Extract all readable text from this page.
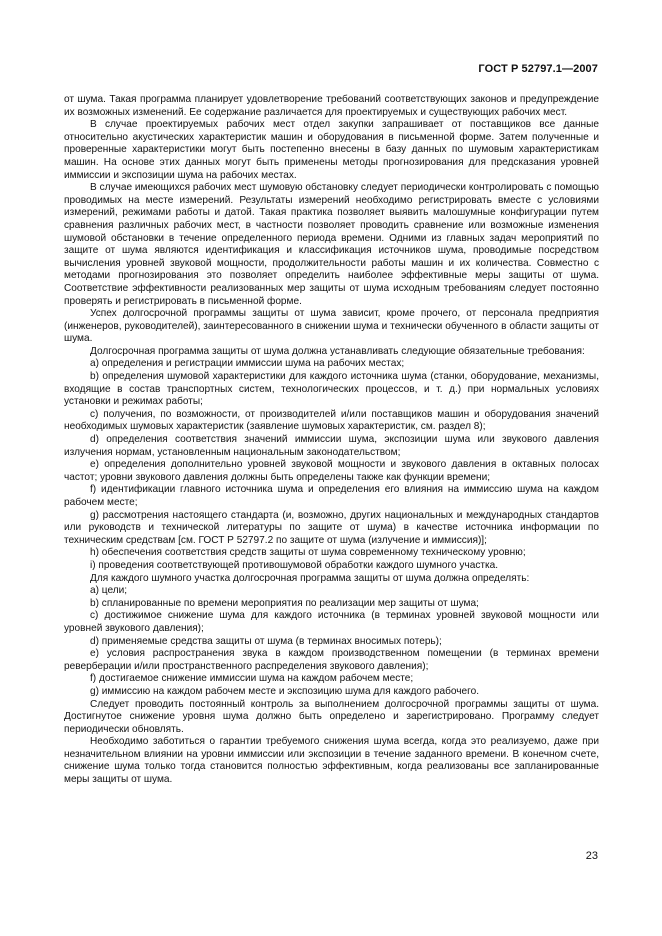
ГОСТ Р 52797.1—2007

от шума. Такая программа планирует удовлетворение требований соответствующих законов и предупреждение их возможных изменений. Ее содержание различается для проектируемых и существующих рабочих мест.

В случае проектируемых рабочих мест отдел закупки запрашивает от поставщиков все данные относительно акустических характеристик машин и оборудования в письменной форме. Затем полученные и проверенные характеристики могут быть постепенно внесены в базу данных по шумовым характеристикам машин. На основе этих данных могут быть применены методы прогнозирования для предсказания уровней иммиссии и экспозиции шума на рабочих местах.

В случае имеющихся рабочих мест шумовую обстановку следует периодически контролировать с помощью проводимых на месте измерений. Результаты измерений необходимо регистрировать вместе с условиями измерений, режимами работы и датой. Такая практика позволяет выявить малошумные конфигурации путем сравнения различных рабочих мест, в частности позволяет проводить сравнение или возможные изменения шумовой обстановки в течение определенного периода времени. Одними из главных задач мероприятий по защите от шума являются идентификация и классификация источников шума, проводимые посредством вычисления уровней звуковой мощности, продолжительности работы машин и их количества. Совместно с методами прогнозирования это позволяет определить наиболее эффективные меры защиты от шума. Соответствие эффективности реализованных мер защиты от шума исходным требованиям следует постоянно проверять и регистрировать в письменной форме.

Успех долгосрочной программы защиты от шума зависит, кроме прочего, от персонала предприятия (инженеров, руководителей), заинтересованного в снижении шума и технически обученного в области защиты от шума.

Долгосрочная программа защиты от шума должна устанавливать следующие обязательные требования:

a) определения и регистрации иммиссии шума на рабочих местах;

b) определения шумовой характеристики для каждого источника шума (станки, оборудование, механизмы, входящие в состав транспортных систем, технологических процессов, и т. д.) при нормальных условиях установки и режимах работы;

c) получения, по возможности, от производителей и/или поставщиков машин и оборудования значений необходимых шумовых характеристик (заявление шумовых характеристик, см. раздел 8);

d) определения соответствия значений иммиссии шума, экспозиции шума или звукового давления излучения нормам, установленным национальным законодательством;

e) определения дополнительно уровней звуковой мощности и звукового давления в октавных полосах частот; уровни звукового давления должны быть определены также как функции времени;

f) идентификации главного источника шума и определения его влияния на иммиссию шума на каждом рабочем месте;

g) рассмотрения настоящего стандарта (и, возможно, других национальных и международных стандартов или руководств и технической литературы по защите от шума) в качестве источника информации по техническим средствам [см. ГОСТ Р 52797.2 по защите от шума (излучение и иммиссия)];

h) обеспечения соответствия средств защиты от шума современному техническому уровню;

i) проведения соответствующей противошумовой обработки каждого шумного участка.

Для каждого шумного участка долгосрочная программа защиты от шума должна определять:

a) цели;

b) спланированные по времени мероприятия по реализации мер защиты от шума;

c) достижимое снижение шума для каждого источника (в терминах уровней звуковой мощности или уровней звукового давления);

d) применяемые средства защиты от шума (в терминах вносимых потерь);

e) условия распространения звука в каждом производственном помещении (в терминах времени реверберации и/или пространственного распределения звукового давления);

f) достигаемое снижение иммиссии шума на каждом рабочем месте;

g) иммиссию на каждом рабочем месте и экспозицию шума для каждого рабочего.

Следует проводить постоянный контроль за выполнением долгосрочной программы защиты от шума. Достигнутое снижение уровня шума должно быть определено и зарегистрировано. Программу следует периодически обновлять.

Необходимо заботиться о гарантии требуемого снижения шума всегда, когда это реализуемо, даже при незначительном влиянии на уровни иммиссии или экспозиции в течение заданного времени. В конечном счете, снижение шума только тогда становится полностью эффективным, когда реализованы все запланированные меры защиты от шума.

23
